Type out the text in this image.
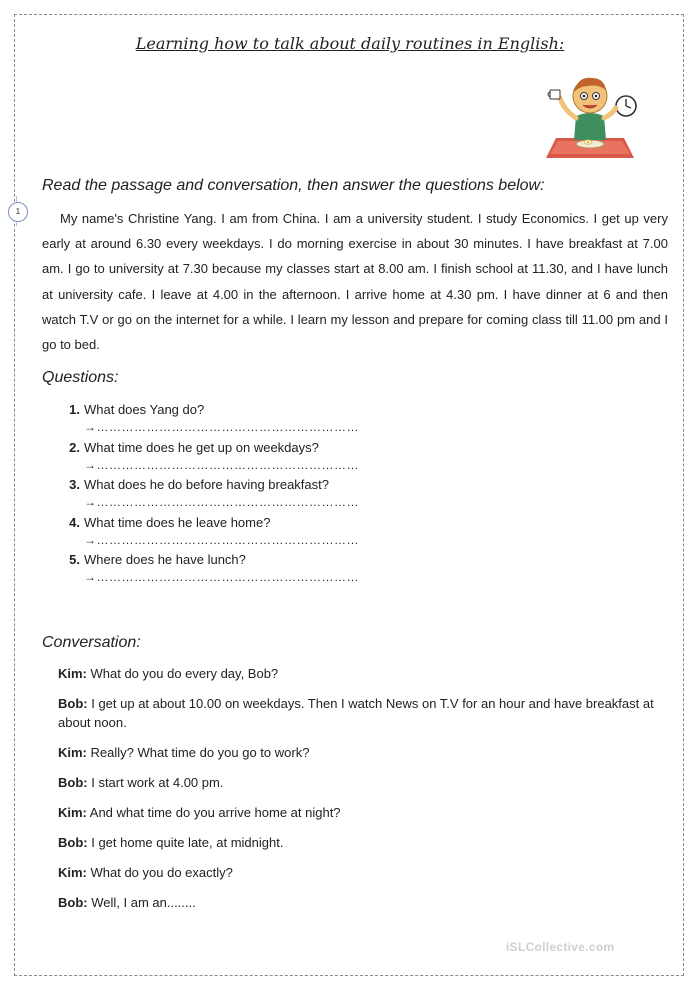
Learning how to talk about daily routines in English:
1
Read the passage and conversation, then answer the questions below:

My name's Christine Yang. I am from China. I am a university student. I study Economics. I get up very early at around 6.30 every weekdays. I do morning exercise in about 30 minutes. I have breakfast at 7.00 am. I go to university at 7.30 because my classes start at 8.00 am. I finish school at 11.30, and I have lunch at university cafe. I leave at 4.00 in the afternoon. I arrive home at 4.30 pm. I have dinner at 6 and then watch T.V or go on the internet for a while. I learn my lesson and prepare for coming class till 11.00 pm and I go to bed.

Questions:
1. What does Yang do?
→………………………………………………………
2. What time does he get up on weekdays?
→………………………………………………………
3. What does he do before having breakfast?
→………………………………………………………
4. What time does he leave home?
→………………………………………………………
5. Where does he have lunch?
→………………………………………………………
Conversation:

Kim: What do you do every day, Bob?

Bob: I get up at about 10.00 on weekdays. Then I watch News on T.V for an hour and have breakfast at about noon.

Kim: Really? What time do you go to work?

Bob: I start work at 4.00 pm.

Kim: And what time do you arrive home at night?

Bob: I get home quite late, at midnight.

Kim: What do you do exactly?

Bob: Well, I am an........

iSLCollective.com
